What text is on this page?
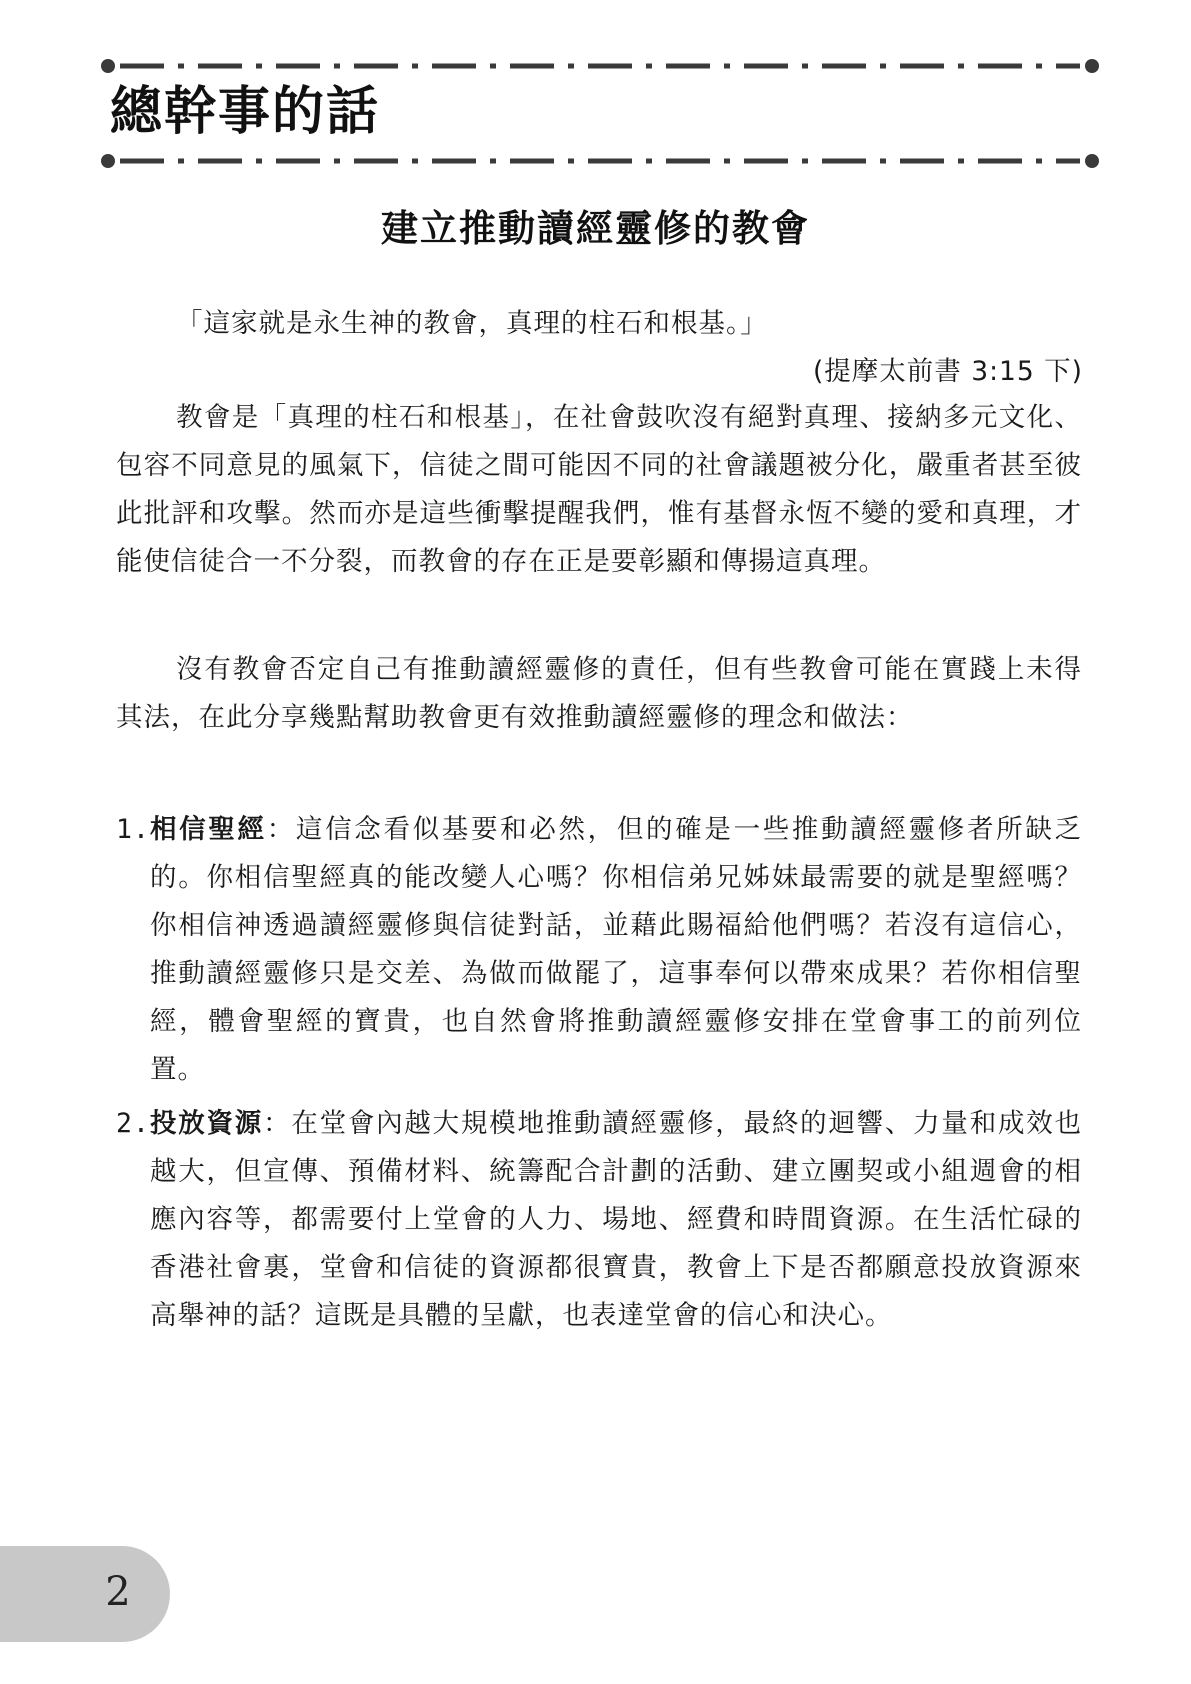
總幹事的話
建立推動讀經靈修的教會
「這家就是永生神的教會，真理的柱石和根基。」
(提摩太前書 3:15 下)

教會是「真理的柱石和根基」，在社會鼓吹沒有絕對真理、接納多元文化、包容不同意見的風氣下，信徒之間可能因不同的社會議題被分化，嚴重者甚至彼此批評和攻擊。然而亦是這些衝擊提醒我們，惟有基督永恆不變的愛和真理，才能使信徒合一不分裂，而教會的存在正是要彰顯和傳揚這真理。

沒有教會否定自己有推動讀經靈修的責任，但有些教會可能在實踐上未得其法，在此分享幾點幫助教會更有效推動讀經靈修的理念和做法：

1. 相信聖經：這信念看似基要和必然，但的確是一些推動讀經靈修者所缺乏的。你相信聖經真的能改變人心嗎？你相信弟兄姊妹最需要的就是聖經嗎？你相信神透過讀經靈修與信徒對話，並藉此賜福給他們嗎？若沒有這信心，推動讀經靈修只是交差、為做而做罷了，這事奉何以帶來成果？若你相信聖經，體會聖經的寶貴，也自然會將推動讀經靈修安排在堂會事工的前列位置。
2. 投放資源：在堂會內越大規模地推動讀經靈修，最終的迴響、力量和成效也越大，但宣傳、預備材料、統籌配合計劃的活動、建立團契或小組週會的相應內容等，都需要付上堂會的人力、場地、經費和時間資源。在生活忙碌的香港社會裏，堂會和信徒的資源都很寶貴，教會上下是否都願意投放資源來高舉神的話？這既是具體的呈獻，也表達堂會的信心和決心。
2
